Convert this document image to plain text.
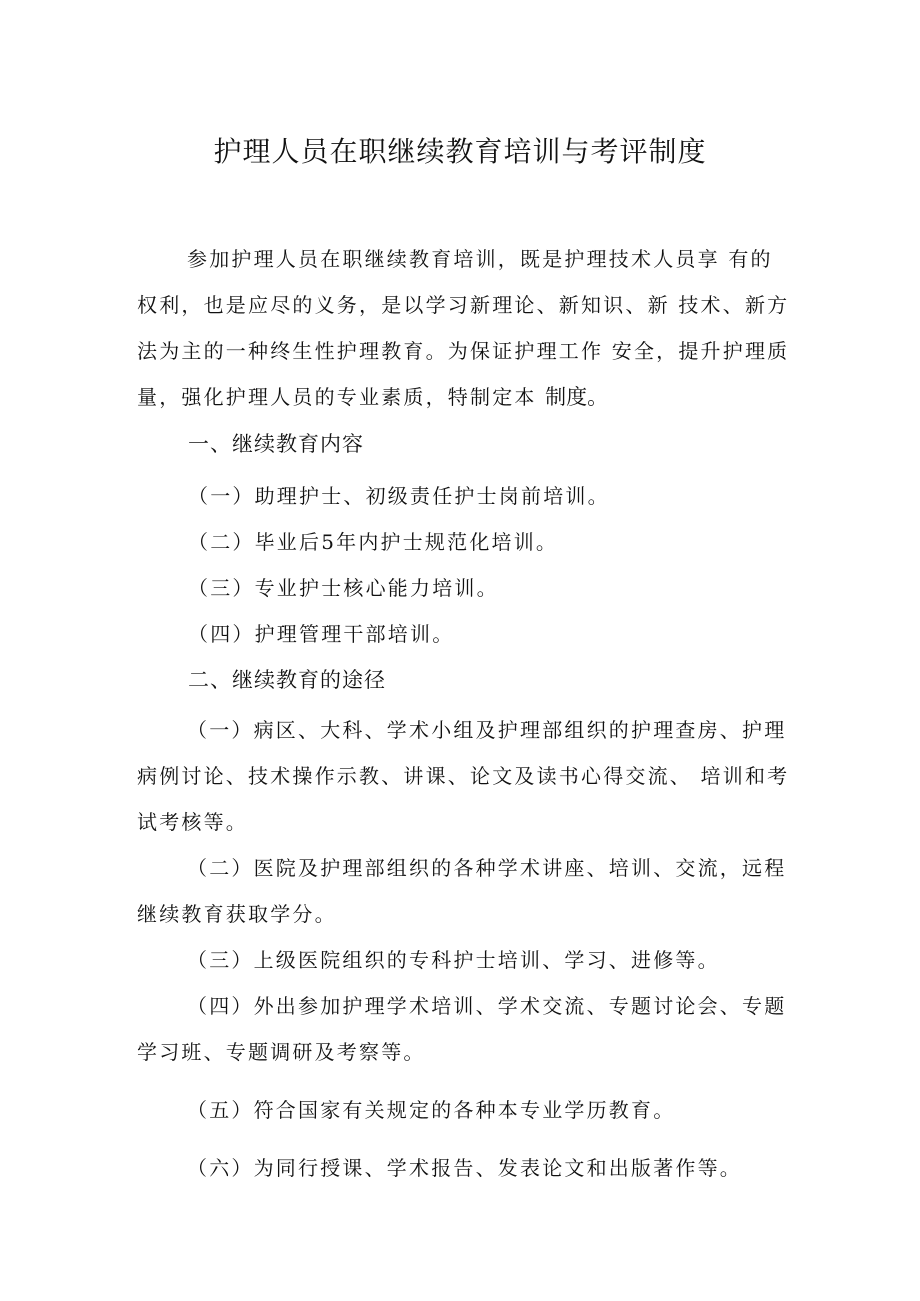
护理人员在职继续教育培训与考评制度

参加护理人员在职继续教育培训，既是护理技术人员享 有的权利，也是应尽的义务，是以学习新理论、新知识、新 技术、新方法为主的一种终生性护理教育。为保证护理工作 安全，提升护理质量，强化护理人员的专业素质，特制定本 制度。

一、继续教育内容

（一）助理护士、初级责任护士岗前培训。

（二）毕业后5年内护士规范化培训。

（三）专业护士核心能力培训。

（四）护理管理干部培训。

二、继续教育的途径

（一）病区、大科、学术小组及护理部组织的护理查房、护理病例讨论、技术操作示教、讲课、论文及读书心得交流、 培训和考试考核等。

（二）医院及护理部组织的各种学术讲座、培训、交流，远程继续教育获取学分。

（三）上级医院组织的专科护士培训、学习、进修等。

（四）外出参加护理学术培训、学术交流、专题讨论会、专题学习班、专题调研及考察等。

（五）符合国家有关规定的各种本专业学历教育。

（六）为同行授课、学术报告、发表论文和出版著作等。
